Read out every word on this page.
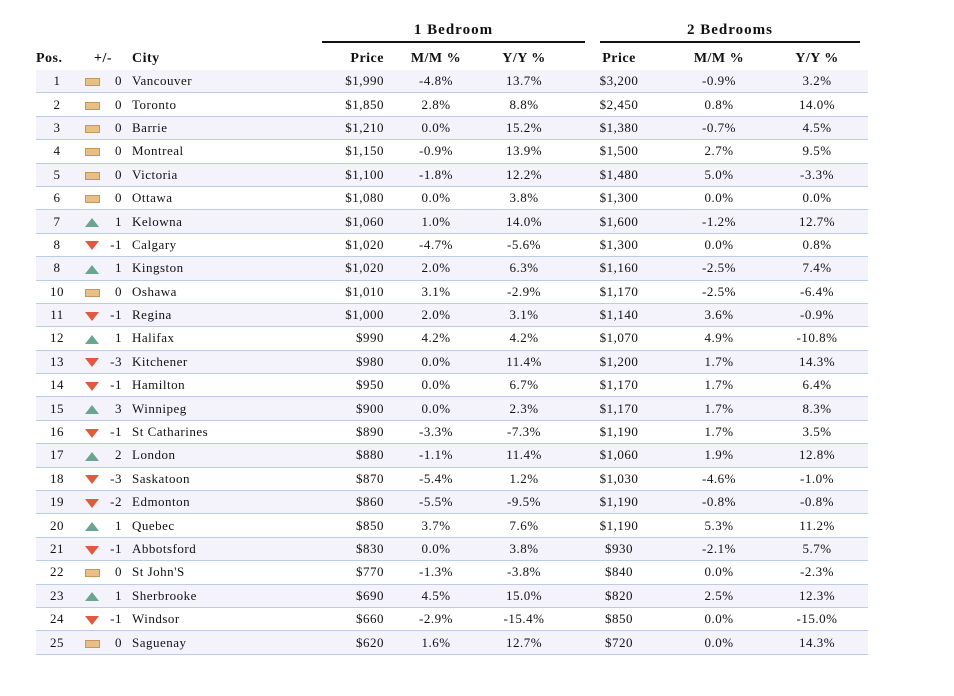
1 Bedroom	2 Bedrooms
Pos.	+/-		City	Price	M/M %	Y/Y %	Price	M/M %	Y/Y %
1		0	Vancouver	$1,990	-4.8%	13.7%	$3,200	-0.9%	3.2%
2		0	Toronto	$1,850	2.8%	8.8%	$2,450	0.8%	14.0%
3		0	Barrie	$1,210	0.0%	15.2%	$1,380	-0.7%	4.5%
4		0	Montreal	$1,150	-0.9%	13.9%	$1,500	2.7%	9.5%
5		0	Victoria	$1,100	-1.8%	12.2%	$1,480	5.0%	-3.3%
6		0	Ottawa	$1,080	0.0%	3.8%	$1,300	0.0%	0.0%
7		1	Kelowna	$1,060	1.0%	14.0%	$1,600	-1.2%	12.7%
8		-1	Calgary	$1,020	-4.7%	-5.6%	$1,300	0.0%	0.8%
8		1	Kingston	$1,020	2.0%	6.3%	$1,160	-2.5%	7.4%
10		0	Oshawa	$1,010	3.1%	-2.9%	$1,170	-2.5%	-6.4%
11		-1	Regina	$1,000	2.0%	3.1%	$1,140	3.6%	-0.9%
12		1	Halifax	$990	4.2%	4.2%	$1,070	4.9%	-10.8%
13		-3	Kitchener	$980	0.0%	11.4%	$1,200	1.7%	14.3%
14		-1	Hamilton	$950	0.0%	6.7%	$1,170	1.7%	6.4%
15		3	Winnipeg	$900	0.0%	2.3%	$1,170	1.7%	8.3%
16		-1	St Catharines	$890	-3.3%	-7.3%	$1,190	1.7%	3.5%
17		2	London	$880	-1.1%	11.4%	$1,060	1.9%	12.8%
18		-3	Saskatoon	$870	-5.4%	1.2%	$1,030	-4.6%	-1.0%
19		-2	Edmonton	$860	-5.5%	-9.5%	$1,190	-0.8%	-0.8%
20		1	Quebec	$850	3.7%	7.6%	$1,190	5.3%	11.2%
21		-1	Abbotsford	$830	0.0%	3.8%	$930	-2.1%	5.7%
22		0	St John'S	$770	-1.3%	-3.8%	$840	0.0%	-2.3%
23		1	Sherbrooke	$690	4.5%	15.0%	$820	2.5%	12.3%
24		-1	Windsor	$660	-2.9%	-15.4%	$850	0.0%	-15.0%
25		0	Saguenay	$620	1.6%	12.7%	$720	0.0%	14.3%
